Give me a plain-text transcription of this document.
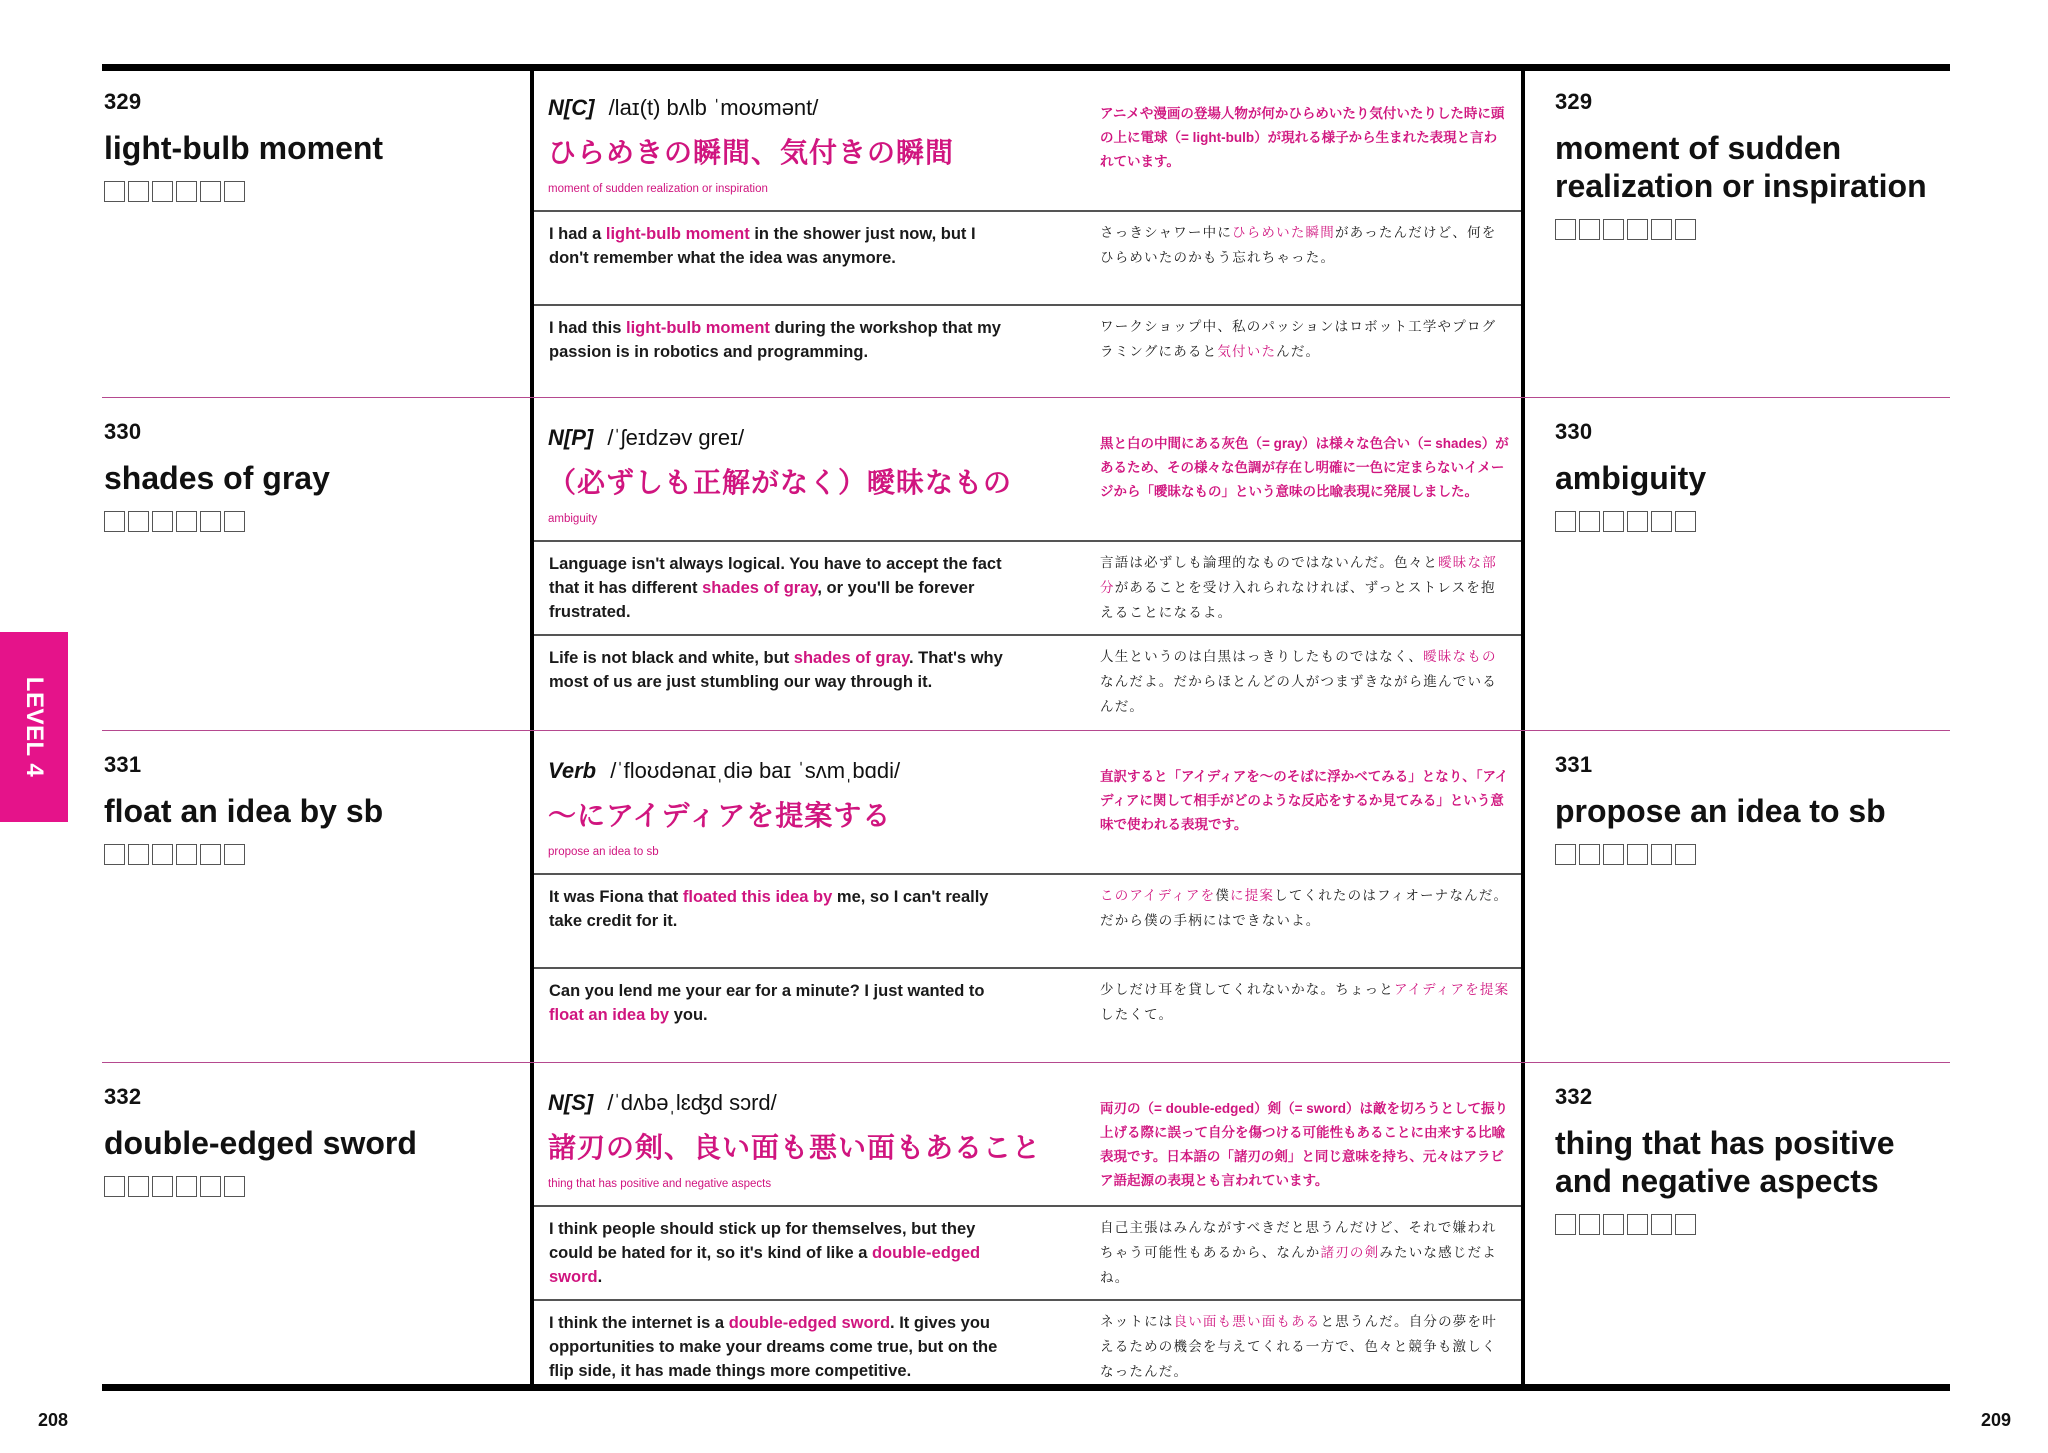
LEVEL 4
208	209
329
light-bulb moment
N[C] /laɪ(t) bʌlb ˈmoʊmənt/
ひらめきの瞬間、気付きの瞬間
moment of sudden realization or inspiration
アニメや漫画の登場人物が何かひらめいたり気付いたりした時に頭の上に電球（= light-bulb）が現れる様子から生まれた表現と言われています。
I had a light-bulb moment in the shower just now, but I don't remember what the idea was anymore.
さっきシャワー中にひらめいた瞬間があったんだけど、何をひらめいたのかもう忘れちゃった。
I had this light-bulb moment during the workshop that my passion is in robotics and programming.
ワークショップ中、私のパッションはロボット工学やプログラミングにあると気付いたんだ。
329
moment of sudden realization or inspiration
330
shades of gray
N[P] /ˈʃeɪdzəv greɪ/
（必ずしも正解がなく）曖昧なもの
ambiguity
黒と白の中間にある灰色（= gray）は様々な色合い（= shades）があるため、その様々な色調が存在し明確に一色に定まらないイメージから「曖昧なもの」という意味の比喩表現に発展しました。
Language isn't always logical. You have to accept the fact that it has different shades of gray, or you'll be forever frustrated.
言語は必ずしも論理的なものではないんだ。色々と曖昧な部分があることを受け入れられなければ、ずっとストレスを抱えることになるよ。
Life is not black and white, but shades of gray. That's why most of us are just stumbling our way through it.
人生というのは白黒はっきりしたものではなく、曖昧なものなんだよ。だからほとんどの人がつまずきながら進んでいるんだ。
330
ambiguity
331
float an idea by sb
Verb /ˈfloʊdənaɪˌdiə baɪ ˈsʌmˌbɑdi/
～にアイディアを提案する
propose an idea to sb
直訳すると「アイディアを～のそばに浮かべてみる」となり、「アイディアに関して相手がどのような反応をするか見てみる」という意味で使われる表現です。
It was Fiona that floated this idea by me, so I can't really take credit for it.
このアイディアを僕に提案してくれたのはフィオーナなんだ。だから僕の手柄にはできないよ。
Can you lend me your ear for a minute? I just wanted to float an idea by you.
少しだけ耳を貸してくれないかな。ちょっとアイディアを提案したくて。
331
propose an idea to sb
332
double-edged sword
N[S] /ˈdʌbəˌlɛʤd sɔrd/
諸刃の剣、良い面も悪い面もあること
thing that has positive and negative aspects
両刃の（= double-edged）剣（= sword）は敵を切ろうとして振り上げる際に誤って自分を傷つける可能性もあることに由来する比喩表現です。日本語の「諸刃の剣」と同じ意味を持ち、元々はアラビア語起源の表現とも言われています。
I think people should stick up for themselves, but they could be hated for it, so it's kind of like a double-edged sword.
自己主張はみんながすべきだと思うんだけど、それで嫌われちゃう可能性もあるから、なんか諸刃の剣みたいな感じだよね。
I think the internet is a double-edged sword. It gives you opportunities to make your dreams come true, but on the flip side, it has made things more competitive.
ネットには良い面も悪い面もあると思うんだ。自分の夢を叶えるための機会を与えてくれる一方で、色々と競争も激しくなったんだ。
332
thing that has positive and negative aspects
